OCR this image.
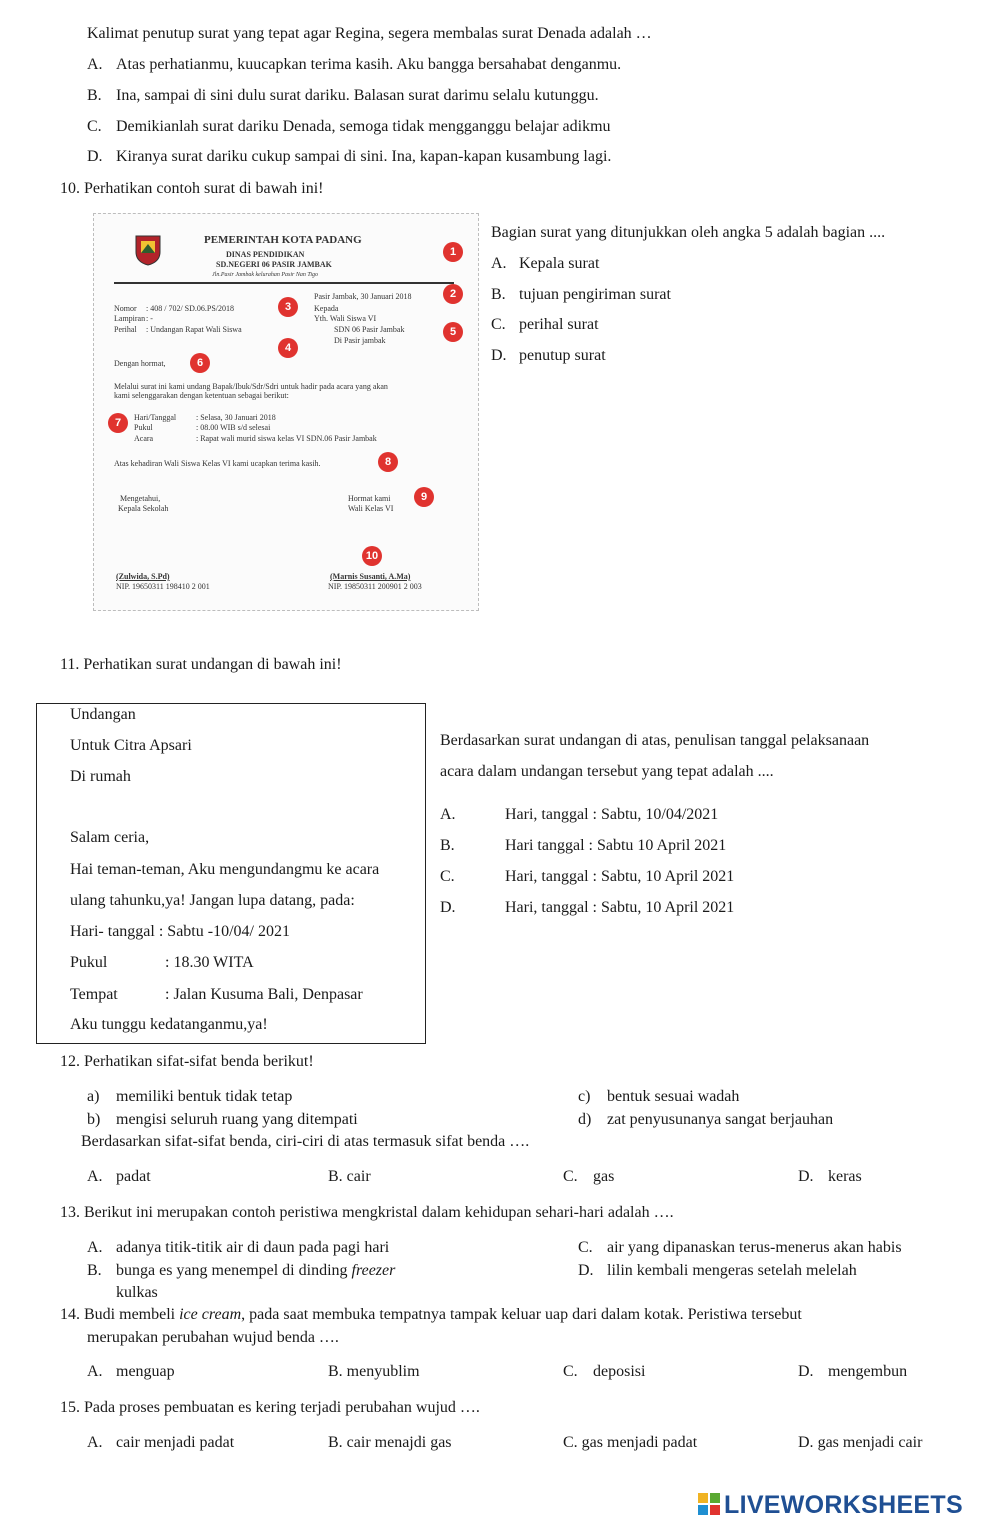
Kalimat penutup surat yang tepat agar Regina, segera membalas surat Denada adalah …
A. Atas perhatianmu, kuucapkan terima kasih. Aku bangga bersahabat denganmu.
B. Ina, sampai di sini dulu surat dariku. Balasan surat darimu selalu kutunggu.
C. Demikianlah surat dariku Denada, semoga tidak mengganggu belajar adikmu
D. Kiranya surat dariku cukup sampai di sini. Ina, kapan-kapan kusambung lagi.
10. Perhatikan contoh surat di bawah ini!
PEMERINTAH KOTA PADANG
DINAS PENDIDIKAN
SD.NEGERI 06 PASIR JAMBAK
Jln.Pasir Jambak kelurahan Pasir Nan Tigo
Pasir Jambak, 30 Januari 2018
Nomor : 408 / 702/ SD.06.PS/2018
Lampiran : -
Perihal : Undangan Rapat Wali Siswa
Kepada
Yth. Wali Siswa VI
SDN 06 Pasir Jambak
Di Pasir jambak
Dengan hormat,
Melalui surat ini kami undang Bapak/Ibuk/Sdr/Sdri untuk hadir pada acara yang akan
kami selenggarakan dengan ketentuan sebagai berikut:
Hari/Tanggal : Selasa, 30 Januari 2018
Pukul	: 08.00 WIB s/d selesai
Acara	: Rapat wali murid siswa kelas VI SDN.06 Pasir Jambak
Atas kehadiran Wali Siswa Kelas VI kami ucapkan terima kasih.
Mengetahui,
Kepala Sekolah
Hormat kami
Wali Kelas VI
(Zulwida, S.Pd)
NIP. 19650311 198410 2 001
(Marnis Susanti, A.Ma)
NIP. 19850311 200901 2 003
1
2
3
4
5
6
7
8
9
10
Bagian surat yang ditunjukkan oleh angka 5 adalah bagian ....
A. Kepala surat
B. tujuan pengiriman surat
C. perihal surat
D. penutup surat
11. Perhatikan surat undangan di bawah ini!
Undangan
Untuk Citra Apsari
Di rumah
Salam ceria,
Hai teman-teman, Aku mengundangmu ke acara
ulang tahunku,ya! Jangan lupa datang, pada:
Hari- tanggal : Sabtu -10/04/ 2021
Pukul	: 18.30 WITA
Tempat	: Jalan Kusuma Bali, Denpasar
Aku tunggu kedatanganmu,ya!
Berdasarkan surat undangan di atas, penulisan tanggal pelaksanaan
acara dalam undangan tersebut yang tepat adalah ....
A.	Hari, tanggal : Sabtu, 10/04/2021
B.	Hari tanggal : Sabtu 10 April 2021
C.	Hari, tanggal : Sabtu, 10 April 2021
D.	Hari, tanggal : Sabtu, 10 April 2021
12. Perhatikan sifat-sifat benda berikut!
a) memiliki bentuk tidak tetap
b) mengisi seluruh ruang yang ditempati
c) bentuk sesuai wadah
d) zat penyusunanya sangat berjauhan
Berdasarkan sifat-sifat benda, ciri-ciri di atas termasuk sifat benda ….
A. padat	B. cair	C. gas	D. keras
13. Berikut ini merupakan contoh peristiwa mengkristal dalam kehidupan sehari-hari adalah ….
A. adanya titik-titik air di daun pada pagi hari
B. bunga es yang menempel di dinding freezer
kulkas
C. air yang dipanaskan terus-menerus akan habis
D. lilin kembali mengeras setelah melelah
14. Budi membeli ice cream, pada saat membuka tempatnya tampak keluar uap dari dalam kotak. Peristiwa tersebut
merupakan perubahan wujud benda ….
A. menguap	B. menyublim	C. deposisi	D. mengembun
15. Pada proses pembuatan es kering terjadi perubahan wujud ….
A. cair menjadi padat	B. cair menajdi gas	C. gas menjadi padat	D. gas menjadi cair
LIVEWORKSHEETS
